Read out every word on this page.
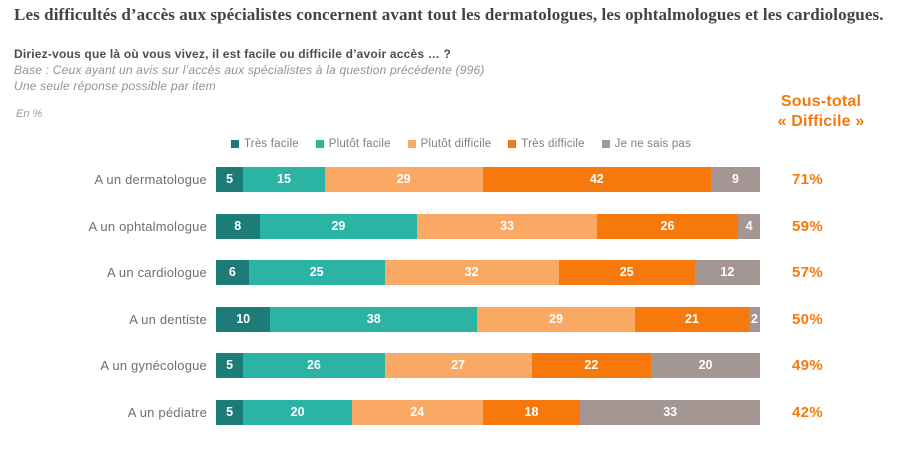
Les difficultés d’accès aux spécialistes concernent avant tout les dermatologues, les ophtalmologues et les cardiologues.
Diriez-vous que là où vous vivez, il est facile ou difficile d’avoir accès … ?
Base : Ceux ayant un avis sur l’accès aux spécialistes à la question précédente (996)
Une seule réponse possible par item
En %
Sous-total
« Difficile »
Très facile	Plutôt facile	Plutôt difficile	Très difficile	Je ne sais pas
A un dermatologue	5	15	29	42	9	71%
A un ophtalmologue	8	29	33	26	4	59%
A un cardiologue	6	25	32	25	12	57%
A un dentiste	10	38	29	21	2	50%
A un gynécologue	5	26	27	22	20	49%
A un pédiatre	5	20	24	18	33	42%
